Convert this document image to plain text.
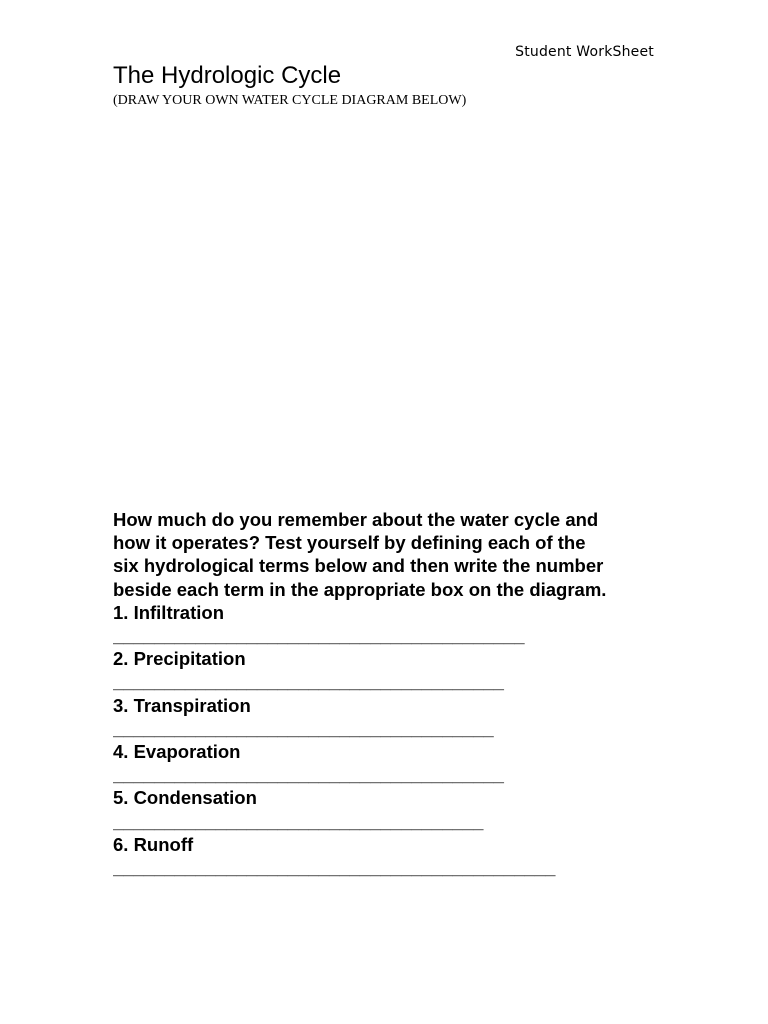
Student WorkSheet
The Hydrologic Cycle
(DRAW YOUR OWN WATER CYCLE DIAGRAM BELOW)

How much do you remember about the water cycle and
how it operates? Test yourself by defining each of the
six hydrological terms below and then write the number
beside each term in the appropriate box on the diagram.

1. Infiltration
________________________________________
2. Precipitation
______________________________________
3. Transpiration
_____________________________________
4. Evaporation
______________________________________
5. Condensation
____________________________________
6. Runoff
___________________________________________
